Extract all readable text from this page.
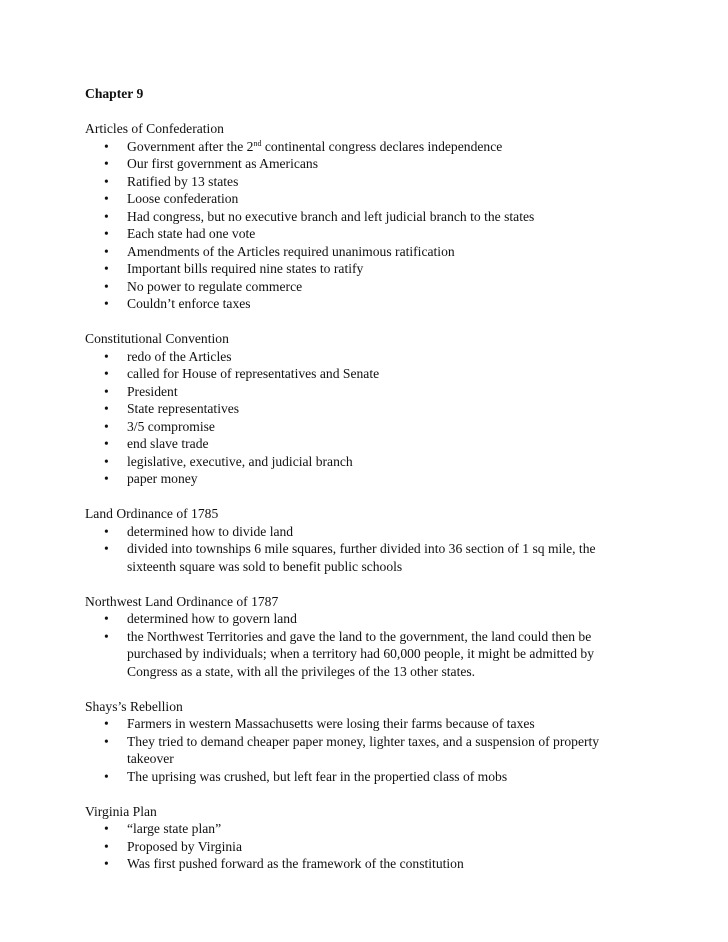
Chapter 9
Articles of Confederation
• Government after the 2nd continental congress declares independence
• Our first government as Americans
• Ratified by 13 states
• Loose confederation
• Had congress, but no executive branch and left judicial branch to the states
• Each state had one vote
• Amendments of the Articles required unanimous ratification
• Important bills required nine states to ratify
• No power to regulate commerce
• Couldn’t enforce taxes
Constitutional Convention
• redo of the Articles
• called for House of representatives and Senate
• President
• State representatives
• 3/5 compromise
• end slave trade
• legislative, executive, and judicial branch
• paper money
Land Ordinance of 1785
• determined how to divide land
• divided into townships 6 mile squares, further divided into 36 section of 1 sq mile, the sixteenth square was sold to benefit public schools
Northwest Land Ordinance of 1787
• determined how to govern land
• the Northwest Territories and gave the land to the government, the land could then be purchased by individuals; when a territory had 60,000 people, it might be admitted by Congress as a state, with all the privileges of the 13 other states.
Shays’s Rebellion
• Farmers in western Massachusetts were losing their farms because of taxes
• They tried to demand cheaper paper money, lighter taxes, and a suspension of property takeover
• The uprising was crushed, but left fear in the propertied class of mobs
Virginia Plan
• “large state plan”
• Proposed by Virginia
• Was first pushed forward as the framework of the constitution
